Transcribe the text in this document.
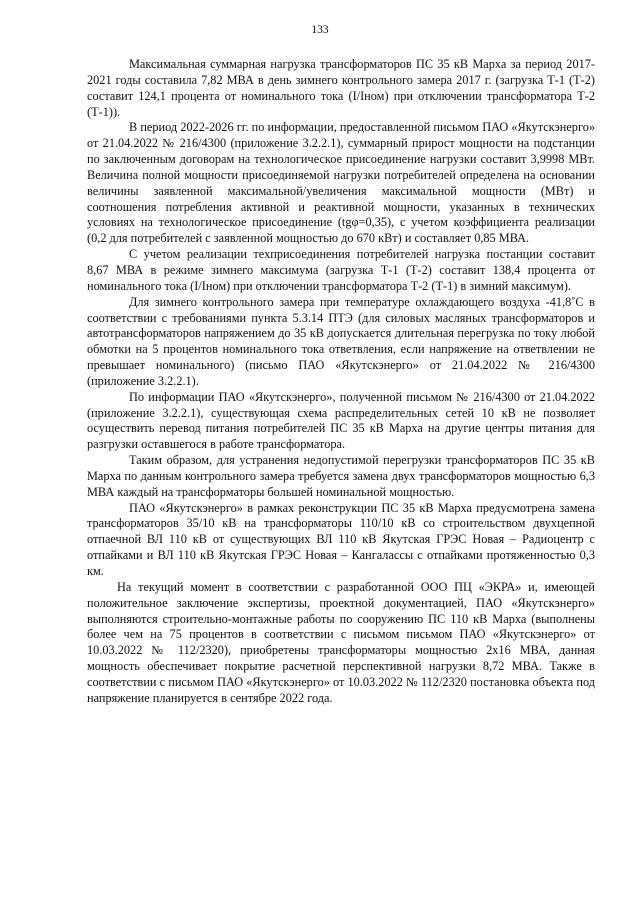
133

Максимальная суммарная нагрузка трансформаторов ПС 35 кВ Марха за период 2017-2021 годы составила 7,82 МВА в день зимнего контрольного замера 2017 г. (загрузка Т-1 (Т-2) составит 124,1 процента от номинального тока (I/Iном) при отключении трансформатора Т-2 (Т-1)).

В период 2022-2026 гг. по информации, предоставленной письмом ПАО «Якутскэнерго» от 21.04.2022 № 216/4300 (приложение 3.2.2.1), суммарный прирост мощности на подстанции по заключенным договорам на технологическое присоединение нагрузки составит 3,9998 МВт. Величина полной мощности присоединяемой нагрузки потребителей определена на основании величины заявленной максимальной/увеличения максимальной мощности (МВт) и соотношения потребления активной и реактивной мощности, указанных в технических условиях на технологическое присоединение (tgφ=0,35), с учетом коэффициента реализации (0,2 для потребителей с заявленной мощностью до 670 кВт) и составляет 0,85 МВА.

С учетом реализации техприсоединения потребителей нагрузка постанции составит 8,67 МВА в режиме зимнего максимума (загрузка Т-1 (Т-2) составит 138,4 процента от номинального тока (I/Iном) при отключении трансформатора Т-2 (Т-1) в зимний максимум).

Для зимнего контрольного замера при температуре охлаждающего воздуха -41,8˚С в соответствии с требованиями пункта 5.3.14 ПТЭ (для силовых масляных трансформаторов и автотрансформаторов напряжением до 35 кВ допускается длительная перегрузка по току любой обмотки на 5 процентов номинального тока ответвления, если напряжение на ответвлении не превышает номинального) (письмо ПАО «Якутскэнерго» от 21.04.2022 № 216/4300 (приложение 3.2.2.1).

По информации ПАО «Якутскэнерго», полученной письмом № 216/4300 от 21.04.2022 (приложение 3.2.2.1), существующая схема распределительных сетей 10 кВ не позволяет осуществить перевод питания потребителей ПС 35 кВ Марха на другие центры питания для разгрузки оставшегося в работе трансформатора.

Таким образом, для устранения недопустимой перегрузки трансформаторов ПС 35 кВ Марха по данным контрольного замера требуется замена двух трансформаторов мощностью 6,3 МВА каждый на трансформаторы большей номинальной мощностью.

ПАО «Якутскэнерго» в рамках реконструкции ПС 35 кВ Марха предусмотрена замена трансформаторов 35/10 кВ на трансформаторы 110/10 кВ со строительством двухцепной отпаечной ВЛ 110 кВ от существующих ВЛ 110 кВ Якутская ГРЭС Новая – Радиоцентр с отпайками и ВЛ 110 кВ Якутская ГРЭС Новая – Кангалассы с отпайками протяженностью 0,3 км.

На текущий момент в соответствии с разработанной ООО ПЦ «ЭКРА» и, имеющей положительное заключение экспертизы, проектной документацией, ПАО «Якутскэнерго» выполняются строительно-монтажные работы по сооружению ПС 110 кВ Марха (выполнены более чем на 75 процентов в соответствии с письмом письмом ПАО «Якутскэнерго» от 10.03.2022 № 112/2320), приобретены трансформаторы мощностью 2х16 МВА, данная мощность обеспечивает покрытие расчетной перспективной нагрузки 8,72 МВА. Также в соответствии с письмом ПАО «Якутскэнерго» от 10.03.2022 № 112/2320 постановка объекта под напряжение планируется в сентябре 2022 года.
